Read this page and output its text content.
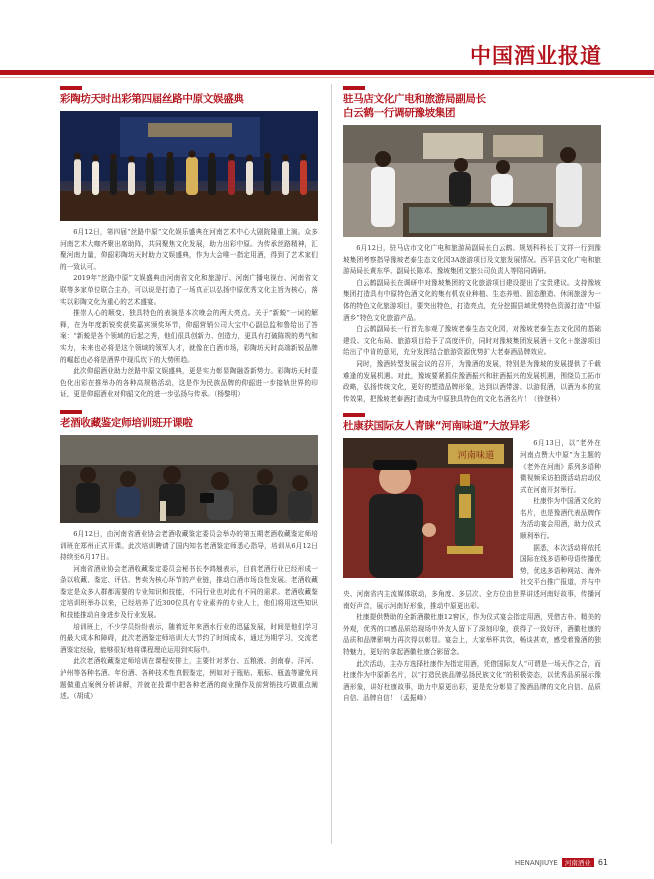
中国酒业报道
彩陶坊天时出彩第四届丝路中原文娱盛典

6月12日，第四届“丝路中原”文化娱乐盛典在河南艺术中心大剧院隆重上演。众多河南艺术大咖齐聚出席助阵，共同聚焦文化发展，助力出彩中原。为传承丝路精神，汇聚河南力量，仰韶彩陶坊天时助力文娱盛典，作为大会唯一指定用酒，得到了艺术家们的一致认可。

2019年“丝路中原”文娱盛典由河南省文化和旅游厅、河南广播电视台、河南省文联等多家单位联合主办，可以说是打造了一场真正以弘扬中原优秀文化主旨为核心，落实以彩陶文化为重心的艺术盛宴。

推崇人心的顺变、独具特色的表演是本次晚会的两大亮点。关于“新蜕”一词的解释，在为年度新锐奖获奖嘉宾颁奖环节，仰韶营销公司大宝中心副总监和鲁给出了答案：“新蜕是各个领域的后起之秀，他们很具创新力、创造力，更具有打破陈规的勇气和实力，未来也必将是这个领域的领军人才，就像在白酒市场，彩陶坊天时高端新锐品牌的崛起也必将是酒界中现瓜坎下的大势所趋。

此次仰韶酒业助力丝路中原文娱盛典，更是实力彰显陶融香新势力。彩陶坊天时壹色化出彩在推举办的各种高规格活动，这是作为民族品牌的仰韶进一步接轨世界的印证，更是仰韶酒业对仰韶文化的进一步弘扬与传承。（杨黎明）

老酒收藏鉴定师培训班开课啦

6月12日，由河南省酒业协会老酒收藏鉴定委员会举办的第五期老酒收藏鉴定师培训班在郑州正式开课。此次培训聘请了国内知名老酒鉴定师悉心指导，培训从6月12日持续至6月17日。

河南省酒业协会老酒收藏鉴定委员会秘书长李鸿翘表示，目前老酒行业已经形成一条以收藏、鉴定、评估、售卖为核心环节的产业链，推动白酒市场良性发展。老酒收藏鉴定是众多人群都需要的专业知识和技能，不同行业也对此有不同的需求。老酒收藏鉴定培训班举办以来，已经培养了近300位具有专业素养的专业人士，他们将用这些知识和技能推动自身进步及行业发展。

培训班上，不少学员纷纷表示，随着近年来酒水行业的迅猛发展，时间是他们学习的最大成本和障碍，此次老酒鉴定师培训大大节约了时间成本，通过为期学习，交流老酒鉴定经验，能够很好地将课程理论运用到实际中。

此次老酒收藏鉴定师培训在课程安排上，主要针对茅台、五粮液、剑南春、洋河、泸州等各种名酒、年份酒、各种技术性真假鉴定，例如对于瓶贴、瓶标、瓶盖等避免问题做重点案例分析讲解，并就在投课中把各种老酒的商业操作及前营销技巧做重点阐述。（胡成）

驻马店文化广电和旅游局副局长
白云鹤一行调研豫坡集团

6月12日，驻马店市文化广电和旅游局副局长白云鹤、规划科科长丁文祥一行到豫坡集团考察指导豫坡老泰生态文化园3A旅游项目及文旅发展情况。西平县文化广电和旅游局局长黄东华、副局长陈邓、豫坡集团文旅公司负责人等陪同调研。

白云鹤副局长在调研中对豫坡集团的文化旅游项目建设提出了宝贵建议。支持豫坡集团打造具有中原特色酒文化的集有机农业种植、生态养殖、固态酿造、休闲旅游为一体的特色文化旅游项目，要突出特色，打造亮点，充分挖掘县域优势特色资源打造“中原酒乡”特色文化旅游产品。

白云鹤副局长一行首先参观了豫坡老泰生态文化园，对豫坡老泰生态文化园的基础建设、文化布局、旅游项目给予了高度评价，同时对豫坡集团发展酒＋文化＋旅游项目给出了中肯的意见，充分发挥结合旅游资源优势扩大老泰酒品牌效应。

同时，豫酒转型发展会议的召开，为豫酒的发展，特别是为豫坡的发展提供了千载难逢的发展机遇。对此，豫坡要紧抓住豫酒振兴和驻酒振兴的发展机遇，围绕员工拓市政略，弘扬传统文化，更好的塑造品牌形象，达到以酒带游、以游促酒，以酒为本的宣传效果，把豫坡老泰酒打造成为中原独具特色的文化名酒名片！（徐登科）

杜康获国际友人青睐“河南味道”大放异彩
河南味道

6月13日，以“老外在河南点赞大中原”为主题的《老外在河南》系列多语种微视频采访拍摄活动启动仪式在河南开封举行。

杜康作为中国酒文化的名片，也是豫酒代表品牌作为活动宴会用酒，助力仪式顺利举行。

据悉，本次活动将依托国际在线多语种母语传播优势，优选多语种网站、海外社交平台推广报道，并与中央、河南省内主流媒体联动，多角度、多层次、全方位由世界讲述河南好故事，传播河南好声音，展示河南好形象，推动中原更出彩。

杜康提供赞助的全新酒徽杜康12窖区，作为仪式宴会指定用酒，凭借古朴、精美的外观，优秀的口感品质给现场中外友人留下了深刻印象，获得了一致好评，酒徽杜康的品质和品牌影响力再次得以彰显。宴会上，大家举杯共饮，畅谈甚欢，感受着豫酒的独特魅力，更好的拿起酒徽杜康合影留念。

此次活动，主办方选择杜康作为指定用酒，凭借国际友人“可谓是一场天作之合，而杜康作为中原新名片，以“打造民族品牌弘扬民族文化”的积极姿态，以优秀品质展示豫酒形象，讲好杜康故事，助力中原更出彩，更是充分彰显了豫酒品牌的文化自信、品质自信、品牌自信！（孟振峰）

HENANJIUYE	河南酒业 61
